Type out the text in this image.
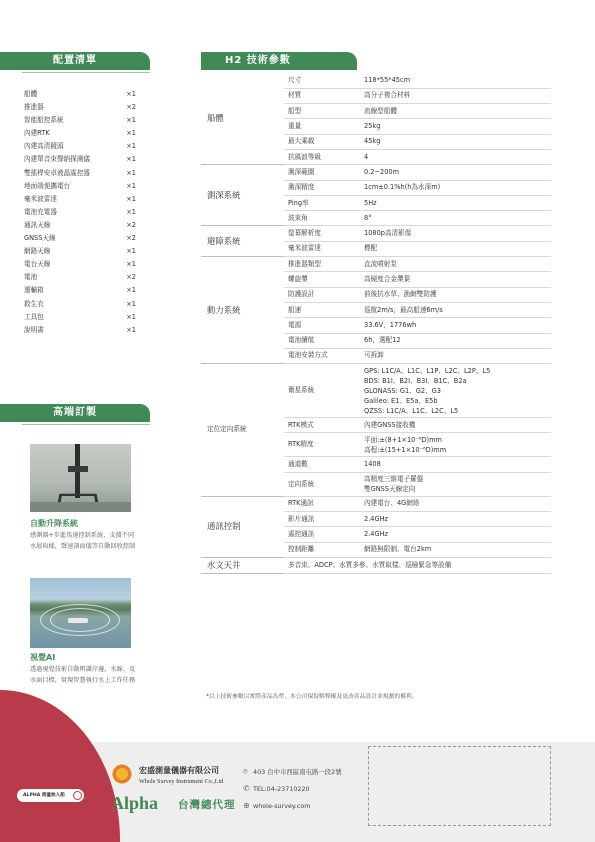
配置清單
船體	×1
推進器	×2
智能船控系統	×1
內建RTK	×1
內建高清鏡頭	×1
內建單音束聲納探測儀	×1
雙搖桿安卓液晶遙控器	×1
地面端便攜電台	×1
毫米波雷達	×1
電池充電器	×1
通訊天線	×2
GNSS天線	×2
網路天線	×1
電台天線	×1
電池	×2
運輸箱	×1
救生衣	×1
工具包	×1
說明書	×1
高端訂製
自動升降系統
感測器+步進馬達控制系統，支援不同水層取樣，聲速剖面儀等自動回收控制
視覺AI
透過視覺技術自動辨識岸邊、水線、及水面目標，實現智慧執行水上工作任務
H2 技術參數
船體	尺寸	118*55*45cm
	材質	高分子複合材料
	船型	流線型船體
	重量	25kg
	最大乘載	45kg
	抗風浪等級	4
測深系統	測深範圍	0.2~200m
	測深精度	1cm±0.1%h(h為水深m)
	Ping率	5Hz
	波束角	8°
避障系統	螢幕解析度	1080p高清影像
	毫米波雷達	標配
動力系統	推進器類型	直流噴射泵
	螺旋槳	高硬度合金槳葉
	防護設計	前後抗水草、漁網雙防護
	船速	巡航2m/s，最高船速6m/s
	電源	33.6V，1776wh
	電池續航	6h，選配12
	電池安裝方式	可拆卸
定位定向系統	衛星系統	GPS: L1C/A、L1C、L1P、L2C、L2P、L5
BDS: B1I、B2I、B3I、B1C、B2a
GLONASS: G1、G2、G3
Galileo: E1、E5a、E5b
QZSS: L1C/A、L1C、L2C、L5

	RTK模式	內建GNSS接收機
	RTK精度	平面:±(8+1×10⁻⁶D)mm
高程:±(15+1×10⁻⁶D)mm

	通道數	1408
	定向系統	高精度三維電子羅盤
雙GNSS天線定向

通訊控制	RTK通訊	內建電台、4G網絡
	影片通訊	2.4GHz
	遙控通訊	2.4GHz
	控制距離	網路無限制、電台2km
水文天井	多音束、ADCP、水質多參、水質取樣、巡檢緊急等設備	
*以上技術參數以實際產品為準，本公司保留解釋權及更改產品設計並規劃的權利。
ALPHA 測量無人船
宏盛測量儀器有限公司
Whole Survey Instrument Co.,Ltd
Alpha 台灣總代理
⌾ 403 台中市西區南屯路一段2號
✆ TEL:04-23710220
⊕ whole-survey.com
